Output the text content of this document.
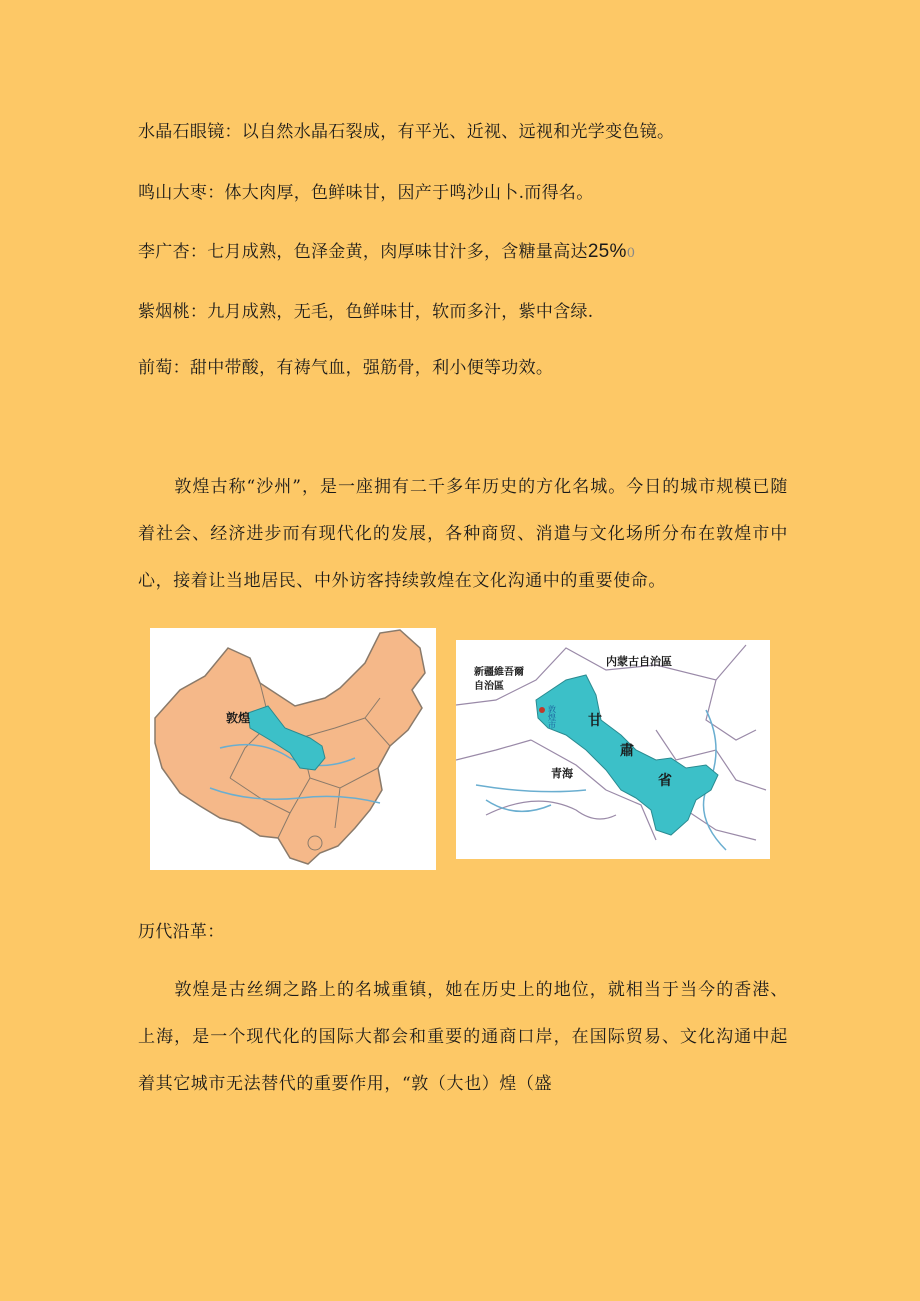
水晶石眼镜：以自然水晶石裂成，有平光、近视、远视和光学变色镜。
鸣山大枣：体大肉厚，色鲜味甘，因产于鸣沙山卜.而得名。
李广杏：七月成熟，色泽金黄，肉厚味甘汁多，含糖量高达25%0
紫烟桃：九月成熟，无毛，色鲜味甘，软而多汁，紫中含绿.
前萄：甜中带酸，有祷气血，强筋骨，利小便等功效。
敦煌古称“沙州”，是一座拥有二千多年历史的方化名城。今日的城市规模已随着社会、经济进步而有现代化的发展，各种商贸、消遣与文化场所分布在敦煌市中心，接着让当地居民、中外访客持续敦煌在文化沟通中的重要使命。
敦煌
内蒙古自治區
新疆維吾爾
自治區
青海
敦煌市 甘
肅
省
历代沿革：
敦煌是古丝绸之路上的名城重镇，她在历史上的地位，就相当于当今的香港、上海，是一个现代化的国际大都会和重要的通商口岸，在国际贸易、文化沟通中起着其它城市无法替代的重要作用，“敦（大也）煌（盛
